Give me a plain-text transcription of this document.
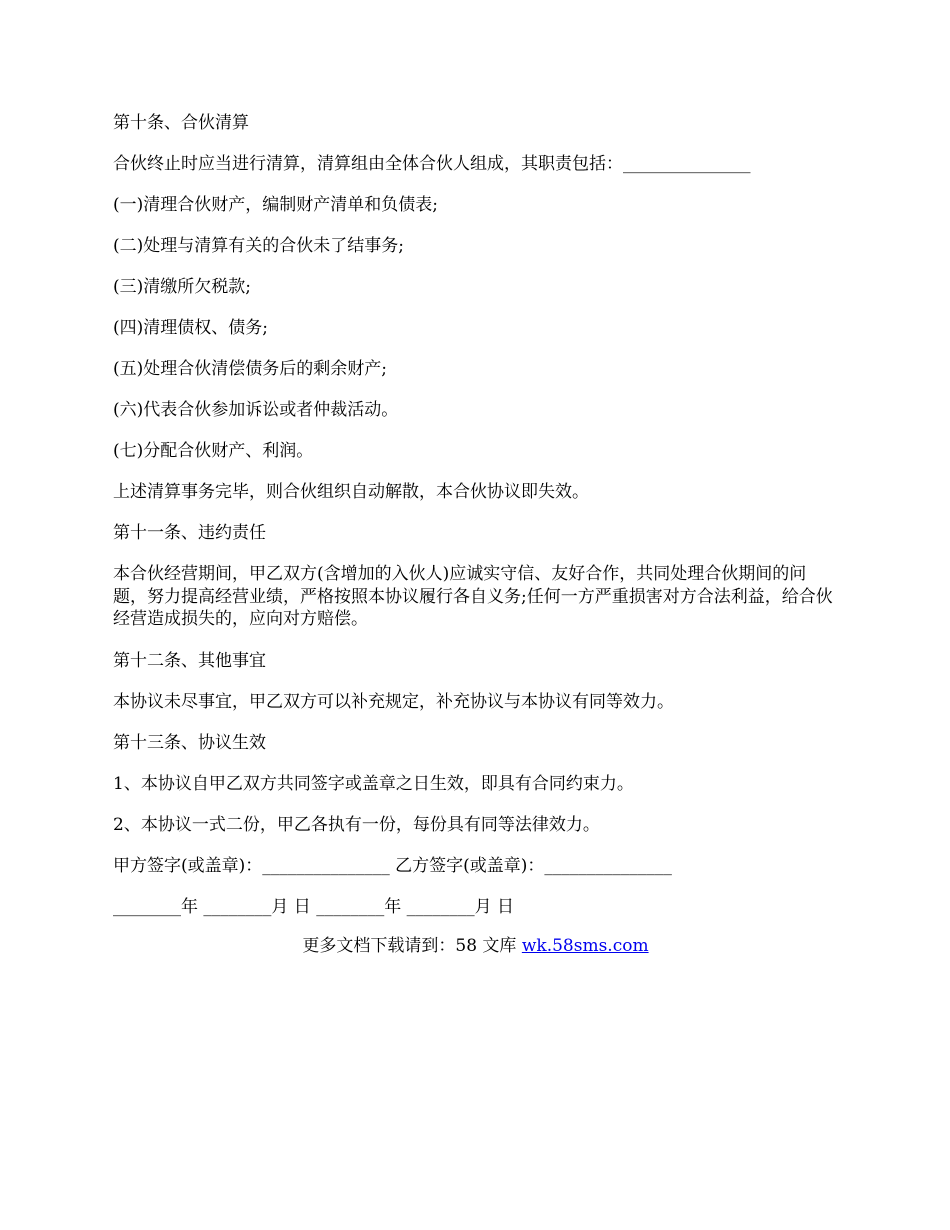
第十条、合伙清算

合伙终止时应当进行清算，清算组由全体合伙人组成，其职责包括：_______________

(一)清理合伙财产，编制财产清单和负债表;

(二)处理与清算有关的合伙未了结事务;

(三)清缴所欠税款;

(四)清理债权、债务;

(五)处理合伙清偿债务后的剩余财产;

(六)代表合伙参加诉讼或者仲裁活动。

(七)分配合伙财产、利润。

上述清算事务完毕，则合伙组织自动解散，本合伙协议即失效。

第十一条、违约责任

本合伙经营期间，甲乙双方(含增加的入伙人)应诚实守信、友好合作，共同处理合伙期间的问题，努力提高经营业绩，严格按照本协议履行各自义务;任何一方严重损害对方合法利益，给合伙经营造成损失的，应向对方赔偿。

第十二条、其他事宜

本协议未尽事宜，甲乙双方可以补充规定，补充协议与本协议有同等效力。

第十三条、协议生效

1、本协议自甲乙双方共同签字或盖章之日生效，即具有合同约束力。

2、本协议一式二份，甲乙各执有一份，每份具有同等法律效力。

甲方签字(或盖章)：_______________ 乙方签字(或盖章)：_______________

________年 ________月 日 ________年 ________月 日

更多文档下载请到：58 文库 wk.58sms.com
